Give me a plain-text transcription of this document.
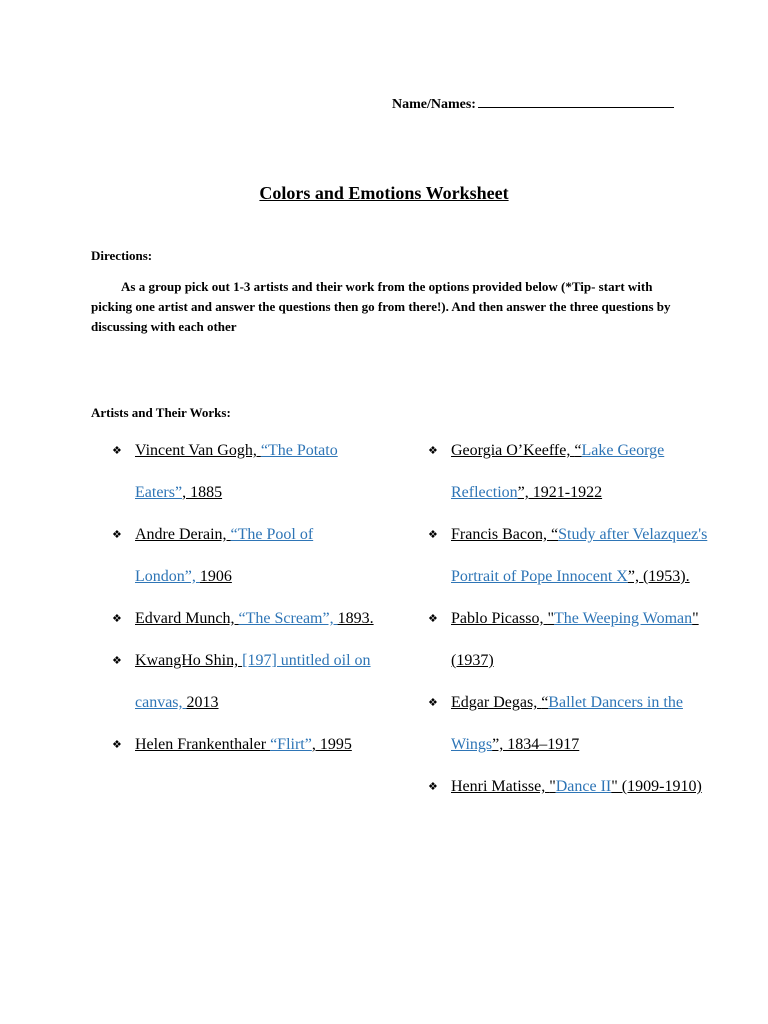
Name/Names:
Colors and Emotions Worksheet
Directions:
As a group pick out 1-3 artists and their work from the options provided below (*Tip- start with picking one artist and answer the questions then go from there!). And then answer the three questions by discussing with each other
Artists and Their Works:
❖ Vincent Van Gogh, “The Potato Eaters”, 1885
❖ Andre Derain, “The Pool of London”, 1906
❖ Edvard Munch, “The Scream”, 1893.
❖ KwangHo Shin, [197] untitled oil on canvas, 2013
❖ Helen Frankenthaler “Flirt”, 1995
❖ Georgia O’Keeffe, “Lake George Reflection”, 1921-1922
❖ Francis Bacon, “Study after Velazquez's Portrait of Pope Innocent X”, (1953).
❖ Pablo Picasso, "The Weeping Woman" (1937)
❖ Edgar Degas, “Ballet Dancers in the Wings”, 1834–1917
❖ Henri Matisse, "Dance II" (1909-1910)
